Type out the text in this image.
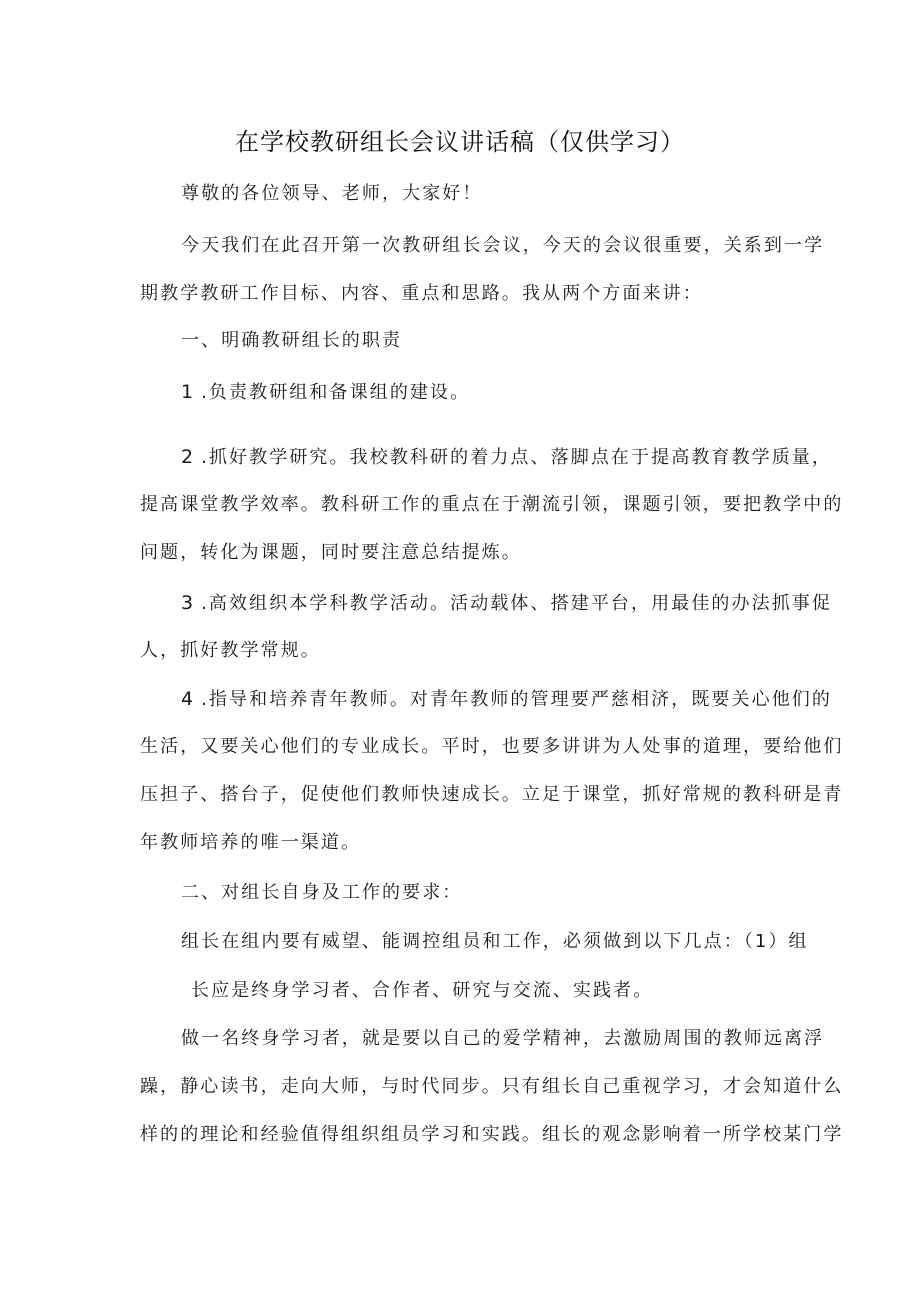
在学校教研组长会议讲话稿（仅供学习）
尊敬的各位领导、老师，大家好！
今天我们在此召开第一次教研组长会议，今天的会议很重要，关系到一学
期教学教研工作目标、内容、重点和思路。我从两个方面来讲：
一、明确教研组长的职责
1 .负责教研组和备课组的建设。
2 .抓好教学研究。我校教科研的着力点、落脚点在于提高教育教学质量，
提高课堂教学效率。教科研工作的重点在于潮流引领，课题引领，要把教学中的
问题，转化为课题，同时要注意总结提炼。
3 .高效组织本学科教学活动。活动载体、搭建平台，用最佳的办法抓事促
人，抓好教学常规。
4 .指导和培养青年教师。对青年教师的管理要严慈相济，既要关心他们的
生活，又要关心他们的专业成长。平时，也要多讲讲为人处事的道理，要给他们
压担子、搭台子，促使他们教师快速成长。立足于课堂，抓好常规的教科研是青
年教师培养的唯一渠道。
二、对组长自身及工作的要求：
组长在组内要有威望、能调控组员和工作，必须做到以下几点：（1）组
长应是终身学习者、合作者、研究与交流、实践者。
做一名终身学习者，就是要以自己的爱学精神，去激励周围的教师远离浮
躁，静心读书，走向大师，与时代同步。只有组长自己重视学习，才会知道什么
样的的理论和经验值得组织组员学习和实践。组长的观念影响着一所学校某门学
